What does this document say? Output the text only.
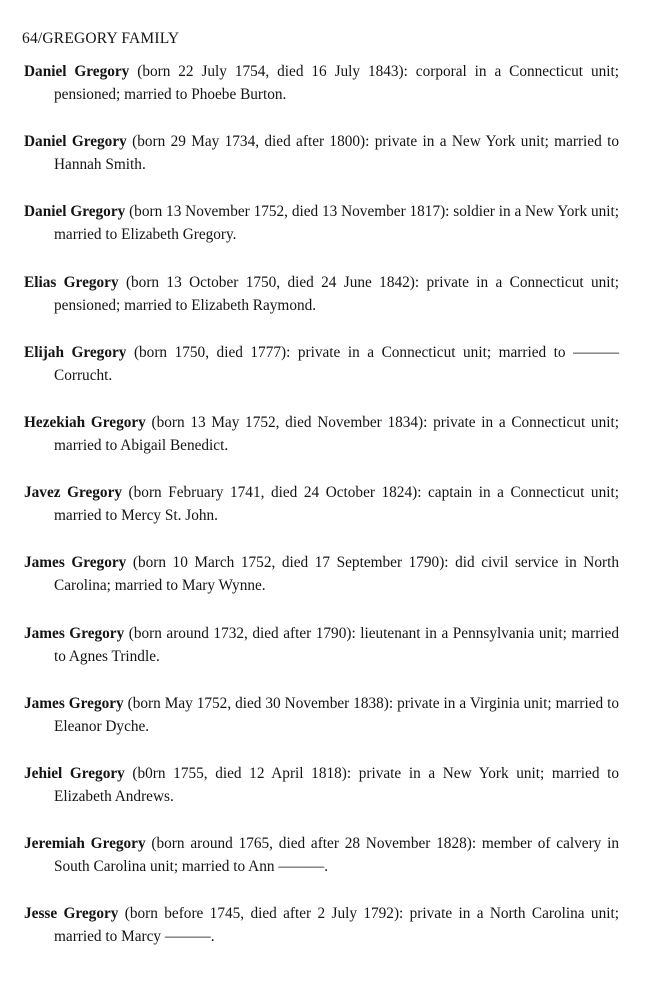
64/GREGORY FAMILY
Daniel Gregory (born 22 July 1754, died 16 July 1843): corporal in a Connecticut unit; pensioned; married to Phoebe Burton.
Daniel Gregory (born 29 May 1734, died after 1800): private in a New York unit; married to Hannah Smith.
Daniel Gregory (born 13 November 1752, died 13 November 1817): soldier in a New York unit; married to Elizabeth Gregory.
Elias Gregory (born 13 October 1750, died 24 June 1842): private in a Connecticut unit; pensioned; married to Elizabeth Raymond.
Elijah Gregory (born 1750, died 1777): private in a Connecticut unit; married to ——— Corrucht.
Hezekiah Gregory (born 13 May 1752, died November 1834): private in a Connecticut unit; married to Abigail Benedict.
Javez Gregory (born February 1741, died 24 October 1824): captain in a Connecticut unit; married to Mercy St. John.
James Gregory (born 10 March 1752, died 17 September 1790): did civil service in North Carolina; married to Mary Wynne.
James Gregory (born around 1732, died after 1790): lieutenant in a Pennsylvania unit; married to Agnes Trindle.
James Gregory (born May 1752, died 30 November 1838): private in a Virginia unit; married to Eleanor Dyche.
Jehiel Gregory (b0rn 1755, died 12 April 1818): private in a New York unit; married to Elizabeth Andrews.
Jeremiah Gregory (born around 1765, died after 28 November 1828): member of calvery in South Carolina unit; married to Ann ———.
Jesse Gregory (born before 1745, died after 2 July 1792): private in a North Carolina unit; married to Marcy ———.
